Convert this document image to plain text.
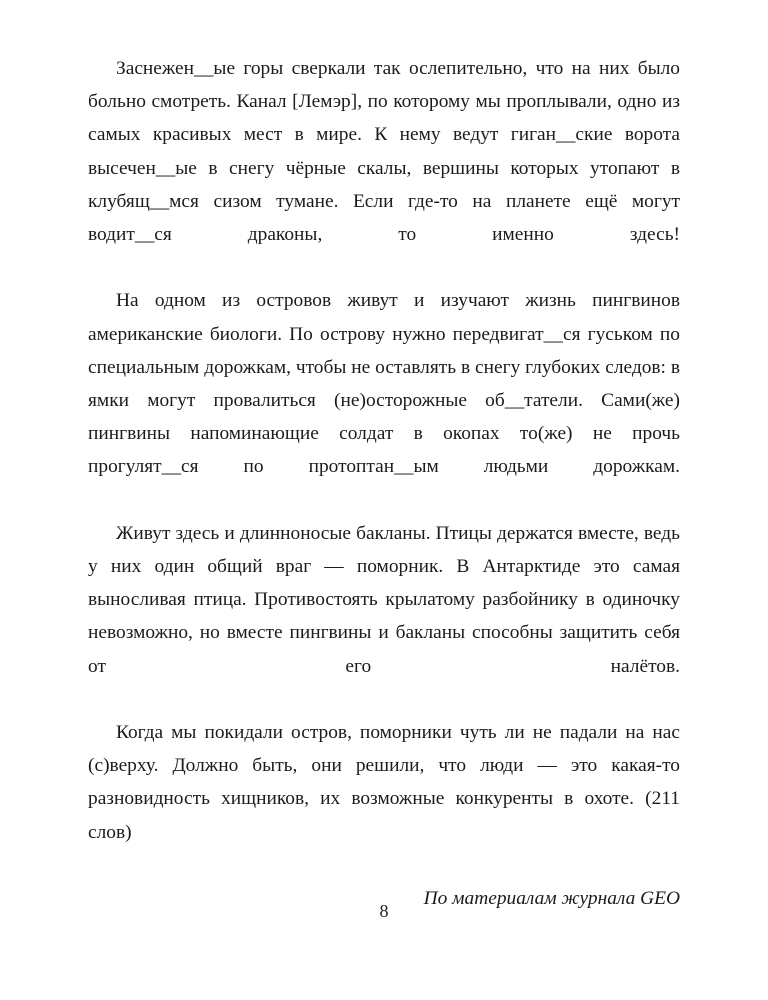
Заснежен__ые горы сверкали так ослепительно, что на них было больно смотреть. Канал [Лемэр], по которому мы проплывали, одно из самых красивых мест в мире. К нему ведут гиган__ские ворота высечен__ые в снегу чёрные скалы, вершины которых утопают в клубящ__мся сизом тумане. Если где-то на планете ещё могут водит__ся драконы, то именно здесь!

На одном из островов живут и изучают жизнь пингвинов американские биологи. По острову нужно передвигат__ся гуськом по специальным дорожкам, чтобы не оставлять в снегу глубоких следов: в ямки могут провалиться (не)осторожные об__татели. Сами(же) пингвины напоминающие солдат в окопах то(же) не прочь прогулят__ся по протоптан__ым людьми дорожкам.

Живут здесь и длинноносые бакланы. Птицы держатся вместе, ведь у них один общий враг — поморник. В Антарктиде это самая выносливая птица. Противостоять крылатому разбойнику в одиночку невозможно, но вместе пингвины и бакланы способны защитить себя от его налётов.

Когда мы покидали остров, поморники чуть ли не падали на нас (с)верху. Должно быть, они решили, что люди — это какая-то разновидность хищников, их возможные конкуренты в охоте. (211 слов)

По материалам журнала GEO

8
